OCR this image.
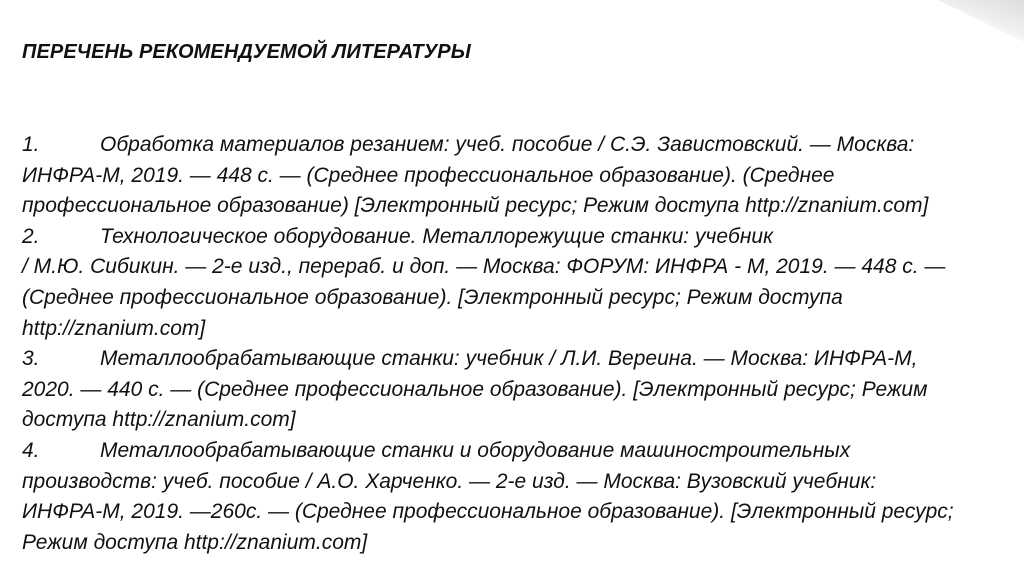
ПЕРЕЧЕНЬ РЕКОМЕНДУЕМОЙ ЛИТЕРАТУРЫ
1.	Обработка материалов резанием: учеб. пособие / С.Э. Завистовский. — Москва:
ИНФРА-М, 2019. — 448 с. — (Среднее профессиональное образование). (Среднее
профессиональное образование) [Электронный ресурс; Режим доступа http://znanium.com]
2.	Технологическое оборудование. Металлорежущие станки: учебник
/ М.Ю. Сибикин. — 2-е изд., перераб. и доп. — Москва: ФОРУМ: ИНФРА - М, 2019. — 448 с. —
(Среднее профессиональное образование). [Электронный ресурс; Режим доступа
http://znanium.com]
3.	Металлообрабатывающие станки: учебник / Л.И. Вереина. — Москва: ИНФРА-М,
2020. — 440 с. — (Среднее профессиональное образование). [Электронный ресурс; Режим
доступа http://znanium.com]
4.	Металлообрабатывающие станки и оборудование машиностроительных
производств: учеб. пособие / А.О. Харченко. — 2-е изд. — Москва: Вузовский учебник:
ИНФРА-М, 2019. —260с. — (Среднее профессиональное образование). [Электронный ресурс;
Режим доступа http://znanium.com]
